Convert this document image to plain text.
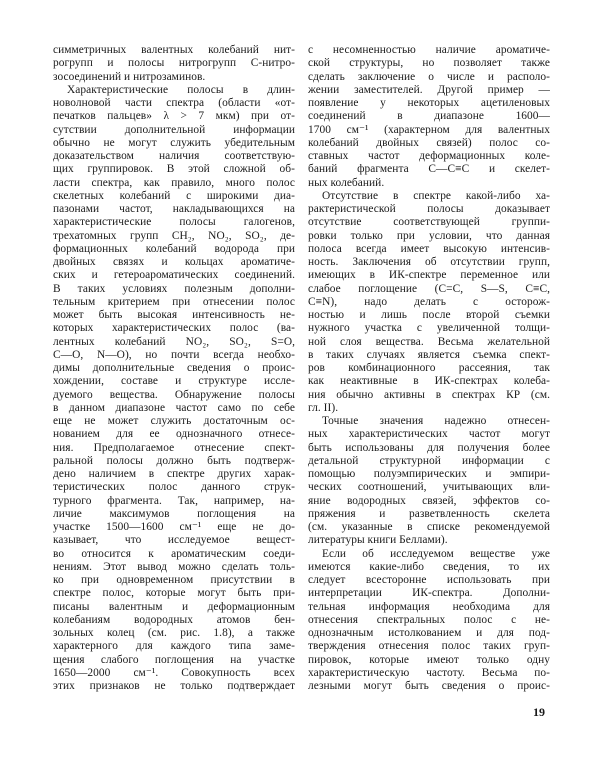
симметричных валентных колебаний нит-
рогрупп и полосы нитрогрупп С-нитро-
зосоединений и нитрозаминов.
Характеристические полосы в длин-
новолновой части спектра (области «от-
печатков пальцев» λ > 7 мкм) при от-
сутствии дополнительной информации
обычно не могут служить убедительным
доказательством наличия соответствую-
щих группировок. В этой сложной об-
ласти спектра, как правило, много полос
скелетных колебаний с широкими диа-
пазонами частот, накладывающихся на
характеристические полосы галогенов,
трехатомных групп CH₂, NO₂, SO₂, де-
формационных колебаний водорода при
двойных связях и кольцах ароматиче-
ских и гетероароматических соединений.
В таких условиях полезным дополни-
тельным критерием при отнесении полос
может быть высокая интенсивность не-
которых характеристических полос (ва-
лентных колебаний NO₂, SO₂, S=O,
C—O, N—O), но почти всегда необхо-
димы дополнительные сведения о проис-
хождении, составе и структуре иссле-
дуемого вещества. Обнаружение полосы
в данном диапазоне частот само по себе
еще не может служить достаточным ос-
нованием для ее однозначного отнесе-
ния. Предполагаемое отнесение спект-
ральной полосы должно быть подтверж-
дено наличием в спектре других харак-
теристических полос данного струк-
турного фрагмента. Так, например, на-
личие максимумов поглощения на
участке 1500—1600 см⁻¹ еще не до-
казывает, что исследуемое вещест-
во относится к ароматическим соеди-
нениям. Этот вывод можно сделать толь-
ко при одновременном присутствии в
спектре полос, которые могут быть при-
писаны валентным и деформационным
колебаниям водородных атомов бен-
зольных колец (см. рис. 1.8), а также
характерного для каждого типа заме-
щения слабого поглощения на участке
1650—2000 см⁻¹. Совокупность всех
этих признаков не только подтверждает
с несомненностью наличие ароматиче-
ской структуры, но позволяет также
сделать заключение о числе и располо-
жении заместителей. Другой пример —
появление у некоторых ацетиленовых
соединений в диапазоне 1600—
1700 см⁻¹ (характерном для валентных
колебаний двойных связей) полос со-
ставных частот деформационных коле-
баний фрагмента C—C≡C и скелет-
ных колебаний.
Отсутствие в спектре какой-либо ха-
рактеристической полосы доказывает
отсутствие соответствующей группи-
ровки только при условии, что данная
полоса всегда имеет высокую интенсив-
ность. Заключения об отсутствии групп,
имеющих в ИК-спектре переменное или
слабое поглощение (C=C, S—S, C≡C,
C≡N), надо делать с осторож-
ностью и лишь после второй съемки
нужного участка с увеличенной толщи-
ной слоя вещества. Весьма желательной
в таких случаях является съемка спект-
ров комбинационного рассеяния, так
как неактивные в ИК-спектрах колеба-
ния обычно активны в спектрах КР (см.
гл. II).
Точные значения надежно отнесен-
ных характеристических частот могут
быть использованы для получения более
детальной структурной информации с
помощью полуэмпирических и эмпири-
ческих соотношений, учитывающих вли-
яние водородных связей, эффектов со-
пряжения и разветвленность скелета
(см. указанные в списке рекомендуемой
литературы книги Беллами).
Если об исследуемом веществе уже
имеются какие-либо сведения, то их
следует всесторонне использовать при
интерпретации ИК-спектра. Дополни-
тельная информация необходима для
отнесения спектральных полос с не-
однозначным истолкованием и для под-
тверждения отнесения полос таких груп-
пировок, которые имеют только одну
характеристическую частоту. Весьма по-
лезными могут быть сведения о проис-
19
